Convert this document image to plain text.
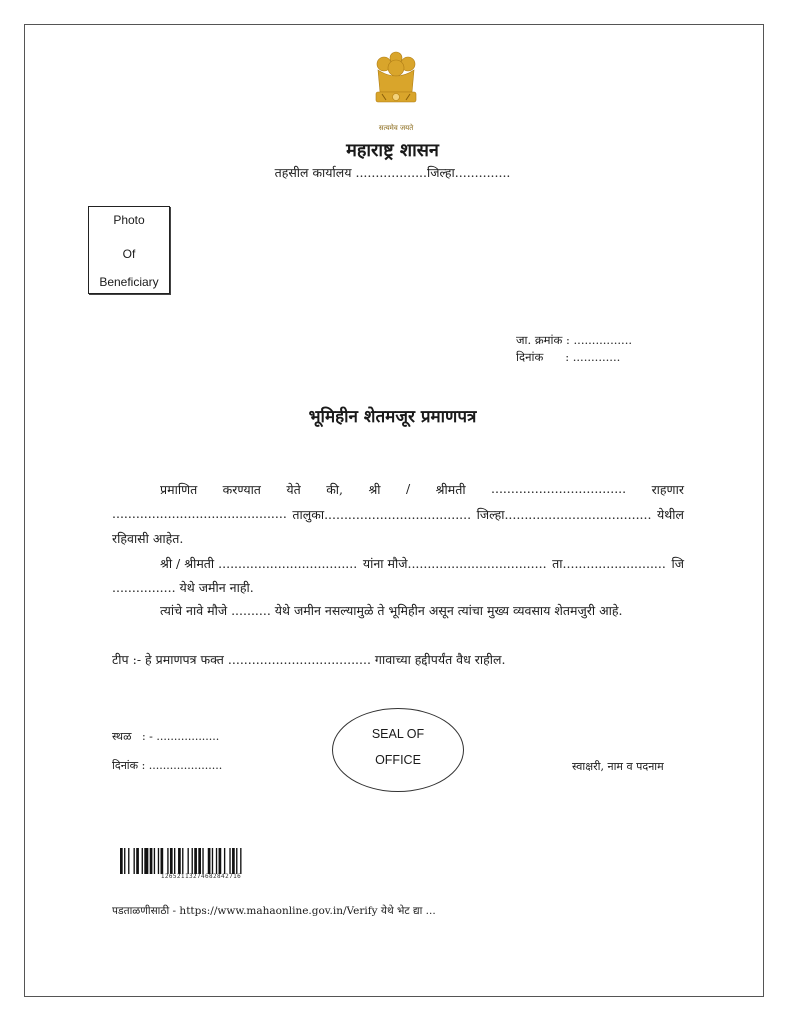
सत्यमेव जयते
महाराष्ट्र शासन
तहसील कार्यालय ..................जिल्हा..............
Photo
Of
Beneficiary
जा. क्रमांक : ................
दिनांक      : .............
भूमिहीन शेतमजूर प्रमाणपत्र
प्रमाणित करण्यात येते की, श्री / श्रीमती .................................. राहणार
............................................ तालुका..................................... जिल्हा..................................... येथील
रहिवासी आहेत.
श्री / श्रीमती ................................... यांना मौजे................................... ता.......................... जि
................ येथे जमीन नाही.
त्यांचे नावे मौजे .......... येथे जमीन नसल्यामुळे ते भूमिहीन असून त्यांचा मुख्य व्यवसाय शेतमजुरी आहे.
टीप :- हे प्रमाणपत्र फक्त .................................... गावाच्या हद्दीपर्यंत वैध राहील.
स्थळ   : - ..................
दिनांक : .....................
SEAL OF
OFFICE	स्वाक्षरी, नाम व पदनाम
12652113274682842716
पडताळणीसाठी - https://www.mahaonline.gov.in/Verify येथे भेट द्या ...
